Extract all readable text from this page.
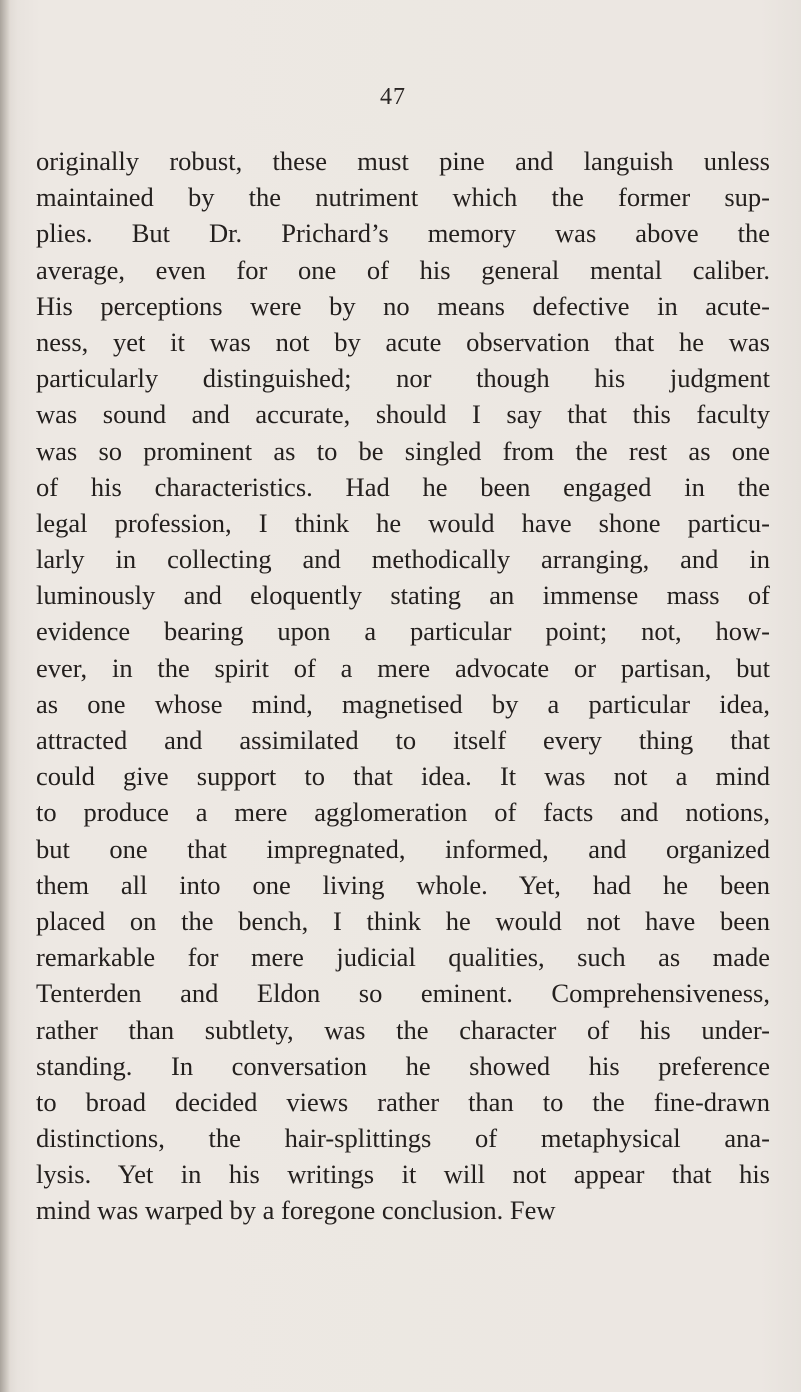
47
originally robust, these must pine and languish unless
maintained by the nutriment which the former sup-
plies. But Dr. Prichard’s memory was above the
average, even for one of his general mental caliber.
His perceptions were by no means defective in acute-
ness, yet it was not by acute observation that he was
particularly distinguished; nor though his judgment
was sound and accurate, should I say that this faculty
was so prominent as to be singled from the rest as one
of his characteristics. Had he been engaged in the
legal profession, I think he would have shone particu-
larly in collecting and methodically arranging, and in
luminously and eloquently stating an immense mass of
evidence bearing upon a particular point; not, how-
ever, in the spirit of a mere advocate or partisan, but
as one whose mind, magnetised by a particular idea,
attracted and assimilated to itself every thing that
could give support to that idea. It was not a mind
to produce a mere agglomeration of facts and notions,
but one that impregnated, informed, and organized
them all into one living whole. Yet, had he been
placed on the bench, I think he would not have been
remarkable for mere judicial qualities, such as made
Tenterden and Eldon so eminent. Comprehensiveness,
rather than subtlety, was the character of his under-
standing. In conversation he showed his preference
to broad decided views rather than to the fine-drawn
distinctions, the hair-splittings of metaphysical ana-
lysis. Yet in his writings it will not appear that his
mind was warped by a foregone conclusion. Few
